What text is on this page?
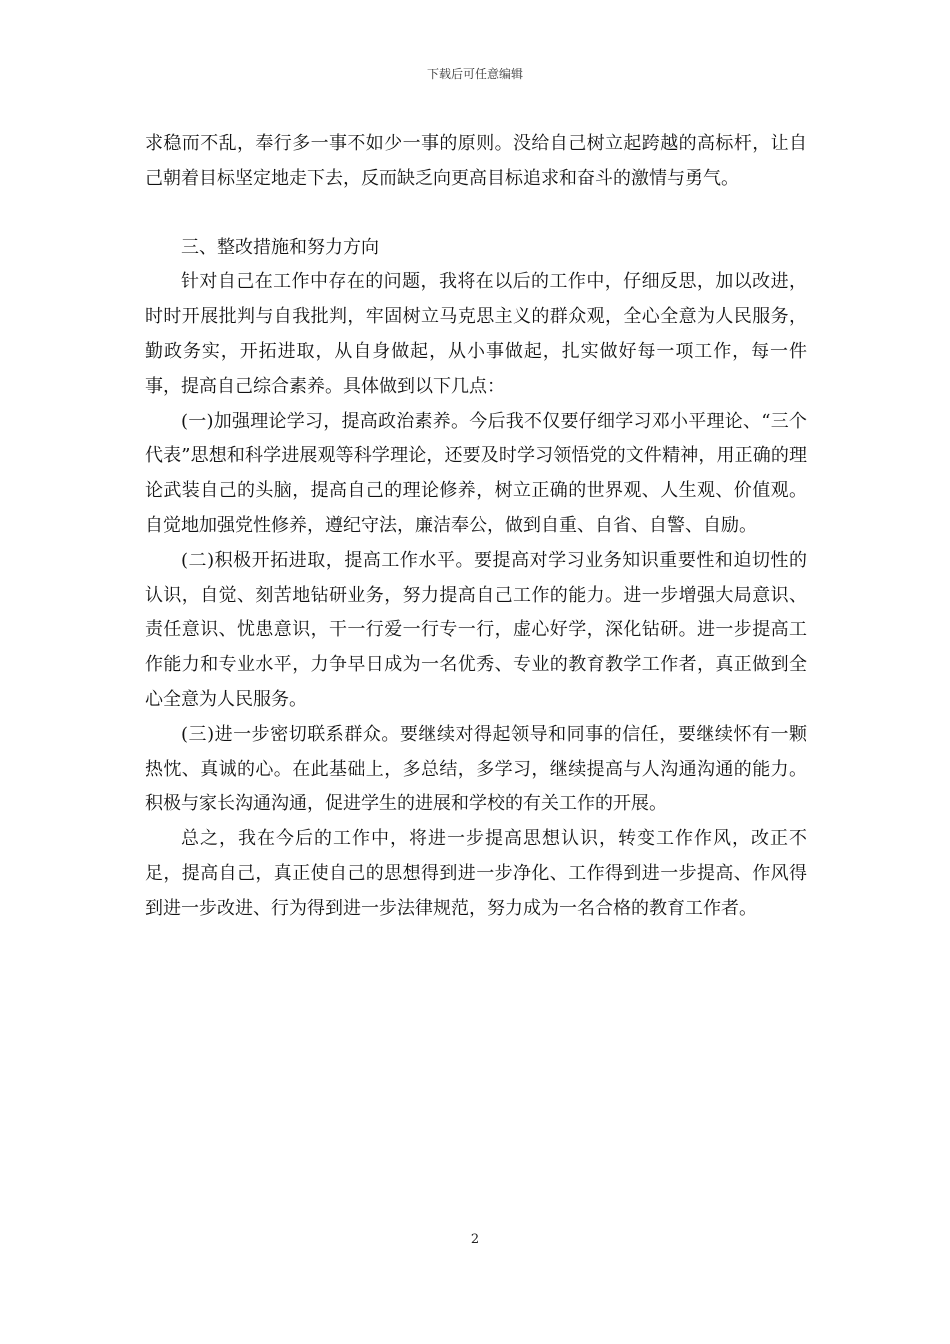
下载后可任意编辑

求稳而不乱，奉行多一事不如少一事的原则。没给自己树立起跨越的高标杆，让自己朝着目标坚定地走下去，反而缺乏向更高目标追求和奋斗的激情与勇气。

三、整改措施和努力方向

针对自己在工作中存在的问题，我将在以后的工作中，仔细反思，加以改进，时时开展批判与自我批判，牢固树立马克思主义的群众观，全心全意为人民服务，勤政务实，开拓进取，从自身做起，从小事做起，扎实做好每一项工作，每一件事，提高自己综合素养。具体做到以下几点：

(一)加强理论学习，提高政治素养。今后我不仅要仔细学习邓小平理论、“三个代表”思想和科学进展观等科学理论，还要及时学习领悟党的文件精神，用正确的理论武装自己的头脑，提高自己的理论修养，树立正确的世界观、人生观、价值观。自觉地加强党性修养，遵纪守法，廉洁奉公，做到自重、自省、自警、自励。

(二)积极开拓进取，提高工作水平。要提高对学习业务知识重要性和迫切性的认识，自觉、刻苦地钻研业务，努力提高自己工作的能力。进一步增强大局意识、责任意识、忧患意识，干一行爱一行专一行，虚心好学，深化钻研。进一步提高工作能力和专业水平，力争早日成为一名优秀、专业的教育教学工作者，真正做到全心全意为人民服务。

(三)进一步密切联系群众。要继续对得起领导和同事的信任，要继续怀有一颗热忱、真诚的心。在此基础上，多总结，多学习，继续提高与人沟通沟通的能力。积极与家长沟通沟通，促进学生的进展和学校的有关工作的开展。

总之，我在今后的工作中，将进一步提高思想认识，转变工作作风，改正不足，提高自己，真正使自己的思想得到进一步净化、工作得到进一步提高、作风得到进一步改进、行为得到进一步法律规范，努力成为一名合格的教育工作者。

2
